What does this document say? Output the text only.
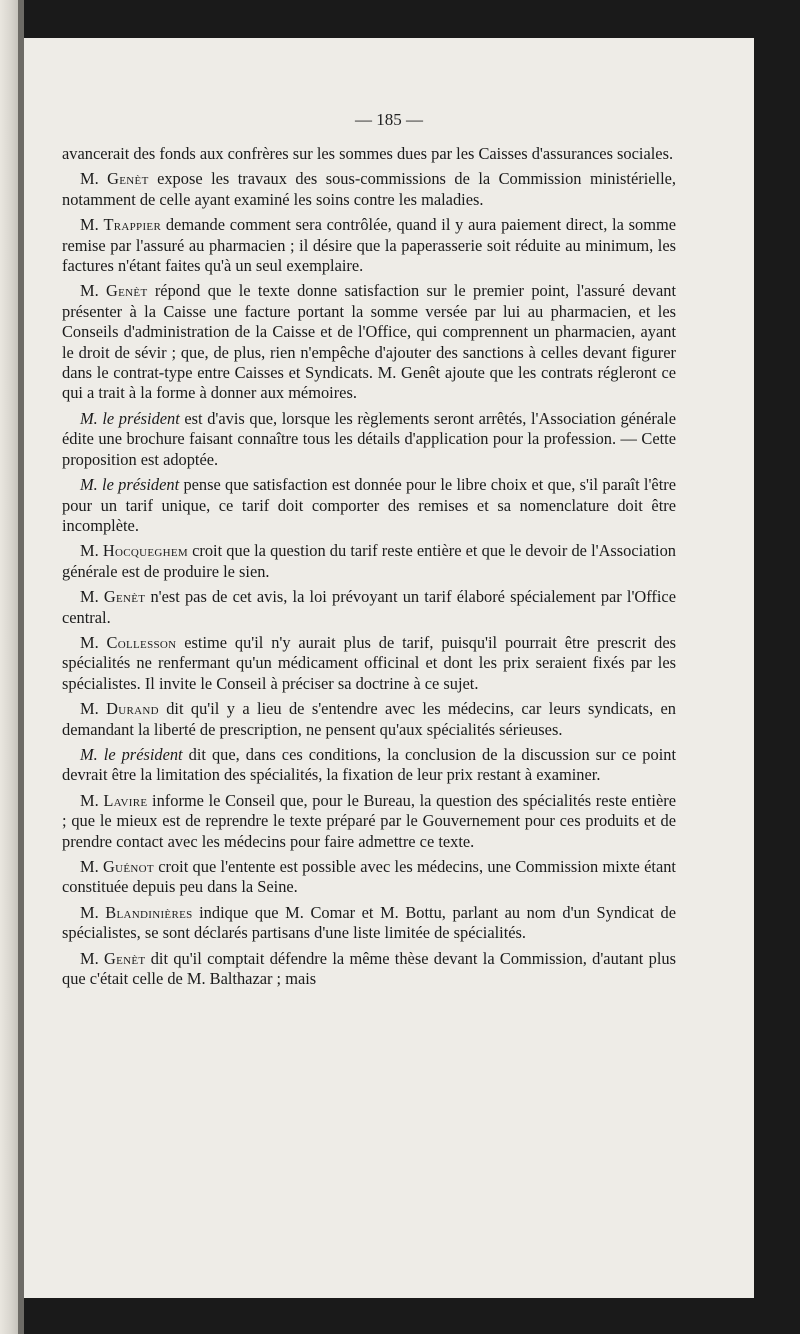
— 185 —

avancerait des fonds aux confrères sur les sommes dues par les Caisses d'assurances sociales.

M. Genèt expose les travaux des sous-commissions de la Commission ministérielle, notamment de celle ayant examiné les soins contre les maladies.

M. Trappier demande comment sera contrôlée, quand il y aura paiement direct, la somme remise par l'assuré au pharmacien ; il désire que la paperasserie soit réduite au minimum, les factures n'étant faites qu'à un seul exemplaire.

M. Genèt répond que le texte donne satisfaction sur le premier point, l'assuré devant présenter à la Caisse une facture portant la somme versée par lui au pharmacien, et les Conseils d'administration de la Caisse et de l'Office, qui comprennent un pharmacien, ayant le droit de sévir ; que, de plus, rien n'empêche d'ajouter des sanctions à celles devant figurer dans le contrat-type entre Caisses et Syndicats. M. Genêt ajoute que les contrats régleront ce qui a trait à la forme à donner aux mémoires.

M. le président est d'avis que, lorsque les règlements seront arrêtés, l'Association générale édite une brochure faisant connaître tous les détails d'application pour la profession. — Cette proposition est adoptée.

M. le président pense que satisfaction est donnée pour le libre choix et que, s'il paraît l'être pour un tarif unique, ce tarif doit comporter des remises et sa nomenclature doit être incomplète.

M. Hocqueghem croit que la question du tarif reste entière et que le devoir de l'Association générale est de produire le sien.

M. Genèt n'est pas de cet avis, la loi prévoyant un tarif élaboré spécialement par l'Office central.

M. Collesson estime qu'il n'y aurait plus de tarif, puisqu'il pourrait être prescrit des spécialités ne renfermant qu'un médicament officinal et dont les prix seraient fixés par les spécialistes. Il invite le Conseil à préciser sa doctrine à ce sujet.

M. Durand dit qu'il y a lieu de s'entendre avec les médecins, car leurs syndicats, en demandant la liberté de prescription, ne pensent qu'aux spécialités sérieuses.

M. le président dit que, dans ces conditions, la conclusion de la discussion sur ce point devrait être la limitation des spécialités, la fixation de leur prix restant à examiner.

M. Lavire informe le Conseil que, pour le Bureau, la question des spécialités reste entière ; que le mieux est de reprendre le texte préparé par le Gouvernement pour ces produits et de prendre contact avec les médecins pour faire admettre ce texte.

M. Guénot croit que l'entente est possible avec les médecins, une Commission mixte étant constituée depuis peu dans la Seine.

M. Blandinières indique que M. Comar et M. Bottu, parlant au nom d'un Syndicat de spécialistes, se sont déclarés partisans d'une liste limitée de spécialités.

M. Genèt dit qu'il comptait défendre la même thèse devant la Commission, d'autant plus que c'était celle de M. Balthazar ; mais
